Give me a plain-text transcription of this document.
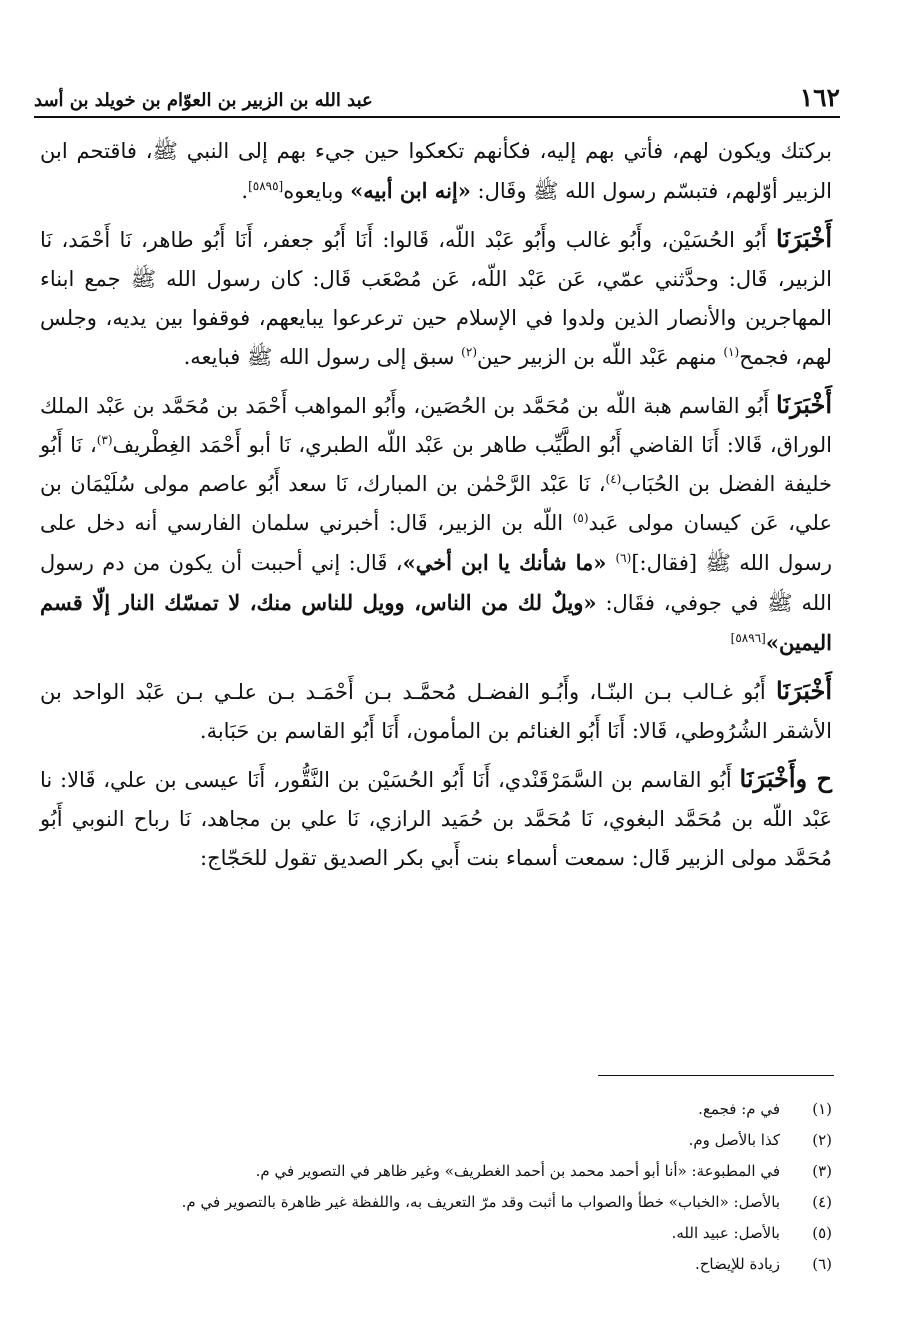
١٦٢
عبد الله بن الزبير بن العوّام بن خويلد بن أسد

بركتك ويكون لهم، فأتي بهم إليه، فكأنهم تكعكوا حين جيء بهم إلى النبي ﷺ، فاقتحم ابن الزبير أوّلهم، فتبسّم رسول الله ﷺ وقَال: «إنه ابن أبيه» وبايعوه[٥٨٩٥].

أَخْبَرَنَا أَبُو الحُسَيْن، وأَبُو غالب وأَبُو عَبْد اللّه، قَالوا: أَنَا أَبُو جعفر، أَنَا أَبُو طاهر، نَا أَحْمَد، نَا الزبير، قَال: وحدَّثني عمّي، عَن عَبْد اللّه، عَن مُصْعَب قَال: كان رسول الله ﷺ جمع ابناء المهاجرين والأنصار الذين ولدوا في الإسلام حين ترعرعوا يبايعهم، فوقفوا بين يديه، وجلس لهم، فجمح$^{(١)}$ منهم عَبْد اللّه بن الزبير حين$^{(٢)}$ سبق إلى رسول الله ﷺ فبايعه.

أَخْبَرَنَا أَبُو القاسم هبة اللّه بن مُحَمَّد بن الحُصَين، وأَبُو المواهب أَحْمَد بن مُحَمَّد بن عَبْد الملك الوراق، قَالا: أَنَا القاضي أَبُو الطَّيِّب طاهر بن عَبْد اللّه الطبري، نَا أبو أَحْمَد الغِطْريف$^{(٣)}$، نَا أَبُو خليفة الفضل بن الحُبَاب$^{(٤)}$، نَا عَبْد الرَّحْمٰن بن المبارك، نَا سعد أَبُو عاصم مولى سُلَيْمَان بن علي، عَن كيسان مولى عَبد$^{(٥)}$ اللّه بن الزبير، قَال: أخبرني سلمان الفارسي أنه دخل على رسول الله ﷺ [فقال:]$^{(٦)}$ «ما شأنك يا ابن أخي»، قَال: إني أحببت أن يكون من دم رسول الله ﷺ في جوفي، فقَال: «ويلٌ لك من الناس، وويل للناس منك، لا تمسّك النار إلّا قسم اليمين»[٥٨٩٦]

أَخْبَرَنَا أَبُو غـالب بـن البنّـا، وأَبُـو الفضـل مُحمَّـد بـن أَحْمَـد بـن علـي بـن عَبْد الواحد بن الأشقر الشُرُوطي، قَالا: أَنَا أَبُو الغنائم بن المأمون، أَنَا أَبُو القاسم بن حَبَابة.

ح وأَخْبَرَنَا أَبُو القاسم بن السَّمَرْقَنْدي، أَنَا أَبُو الحُسَيْن بن النَّقُّور، أَنَا عيسى بن علي، قَالا: نا عَبْد اللّه بن مُحَمَّد البغوي، نَا مُحَمَّد بن حُمَيد الرازي، نَا علي بن مجاهد، نَا رباح النوبي أَبُو مُحَمَّد مولى الزبير قَال: سمعت أسماء بنت أَبي بكر الصديق تقول للحَجّاج:

(١)
في م: فجمع.
(٢)
كذا بالأصل وم.
(٣)
في المطبوعة: «أنا أبو أحمد محمد بن أحمد الغطريف» وغير ظاهر في التصوير في م.
(٤)
بالأصل: «الخباب» خطأ والصواب ما أثبت وقد مرّ التعريف به، واللفظة غير ظاهرة بالتصوير في م.
(٥)
بالأصل: عبيد الله.
(٦)
زيادة للإيضاح.
